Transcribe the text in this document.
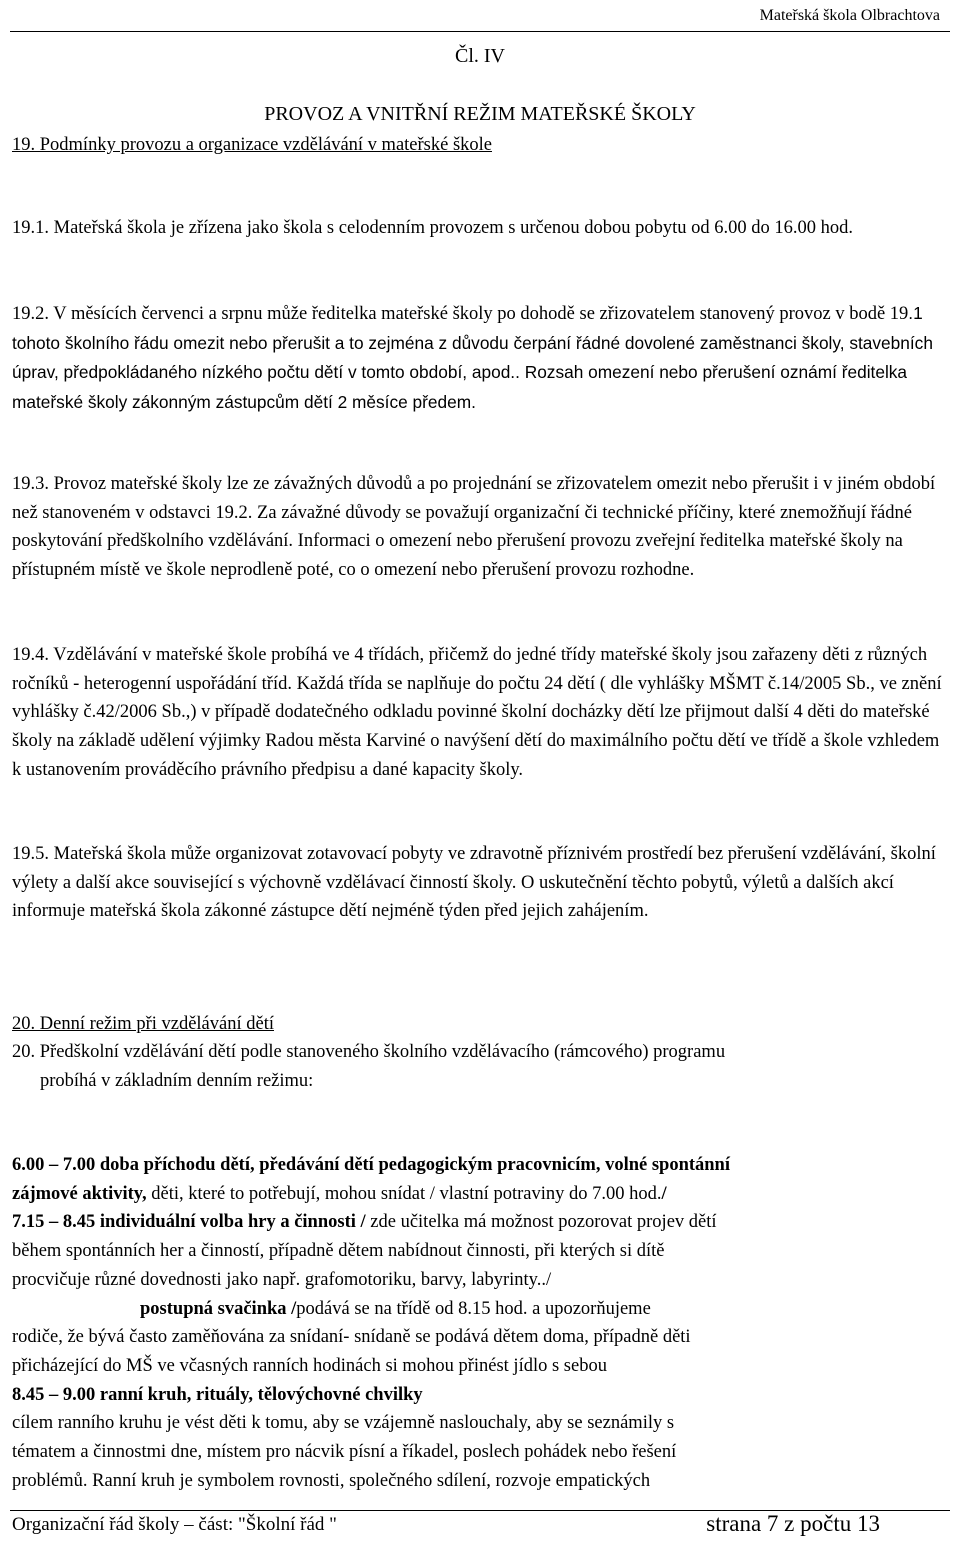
Mateřská škola Olbrachtova
Čl. IV
PROVOZ A VNITŘNÍ REŽIM MATEŘSKÉ ŠKOLY
19. Podmínky provozu a organizace vzdělávání v mateřské škole
19.1. Mateřská škola je zřízena jako škola s celodenním provozem s určenou dobou pobytu od 6.00 do 16.00 hod.
19.2. V měsících červenci a srpnu může ředitelka mateřské školy po dohodě se zřizovatelem stanovený provoz v bodě 19.1 tohoto školního řádu omezit nebo přerušit a to zejména z důvodu čerpání řádné dovolené zaměstnanci školy, stavebních úprav, předpokládaného nízkého počtu dětí v tomto období, apod.. Rozsah omezení nebo přerušení oznámí ředitelka mateřské školy zákonným zástupcům dětí 2 měsíce předem.
19.3. Provoz mateřské školy lze ze závažných důvodů a po projednání se zřizovatelem omezit nebo přerušit i v jiném období než stanoveném v odstavci 19.2. Za závažné důvody se považují organizační či technické příčiny, které znemožňují řádné poskytování předškolního vzdělávání. Informaci o omezení nebo přerušení provozu zveřejní ředitelka mateřské školy na přístupném místě ve škole neprodleně poté, co o omezení nebo přerušení provozu rozhodne.
19.4. Vzdělávání v mateřské škole probíhá ve 4 třídách, přičemž do jedné třídy mateřské školy jsou zařazeny děti z různých ročníků - heterogenní uspořádání tříd. Každá třída se naplňuje do počtu 24 dětí ( dle vyhlášky MŠMT č.14/2005 Sb., ve znění vyhlášky č.42/2006 Sb.,) v případě dodatečného odkladu povinné školní docházky dětí lze přijmout další 4 děti do mateřské školy na základě udělení výjimky Radou města Karviné o navýšení dětí do maximálního počtu dětí ve třídě a škole vzhledem k ustanovením prováděcího právního předpisu a dané kapacity školy.
19.5. Mateřská škola může organizovat zotavovací pobyty ve zdravotně příznivém prostředí bez přerušení vzdělávání, školní výlety a další akce související s výchovně vzdělávací činností školy. O uskutečnění těchto pobytů, výletů a dalších akcí informuje mateřská škola zákonné zástupce dětí nejméně týden před jejich zahájením.
20. Denní režim při vzdělávání dětí
20. Předškolní vzdělávání dětí podle stanoveného školního vzdělávacího (rámcového) programu
probíhá v základním denním režimu:
6.00 – 7.00 doba příchodu dětí, předávání dětí pedagogickým pracovnicím, volné spontánní
zájmové aktivity, děti, které to potřebují, mohou snídat / vlastní potraviny do 7.00 hod./
7.15 – 8.45 individuální volba hry a činnosti / zde učitelka má možnost pozorovat projev dětí
během spontánních her a činností, případně dětem nabídnout činnosti, při kterých si dítě
procvičuje různé dovednosti jako např. grafomotoriku, barvy, labyrinty../
postupná svačinka /podává se na třídě od 8.15 hod. a upozorňujeme
rodiče, že bývá často zaměňována za snídaní- snídaně se podává dětem doma, případně děti
přicházející do MŠ ve včasných ranních hodinách si mohou přinést jídlo s sebou
8.45 – 9.00 ranní kruh, rituály, tělovýchovné chvilky
cílem ranního kruhu je vést děti k tomu, aby se vzájemně naslouchaly, aby se seznámily s
tématem a činnostmi dne, místem pro nácvik písní a říkadel, poslech pohádek nebo řešení
problémů. Ranní kruh je symbolem rovnosti, společného sdílení, rozvoje empatických
Organizační řád školy – část: "Školní řád "	strana 7 z počtu 13
